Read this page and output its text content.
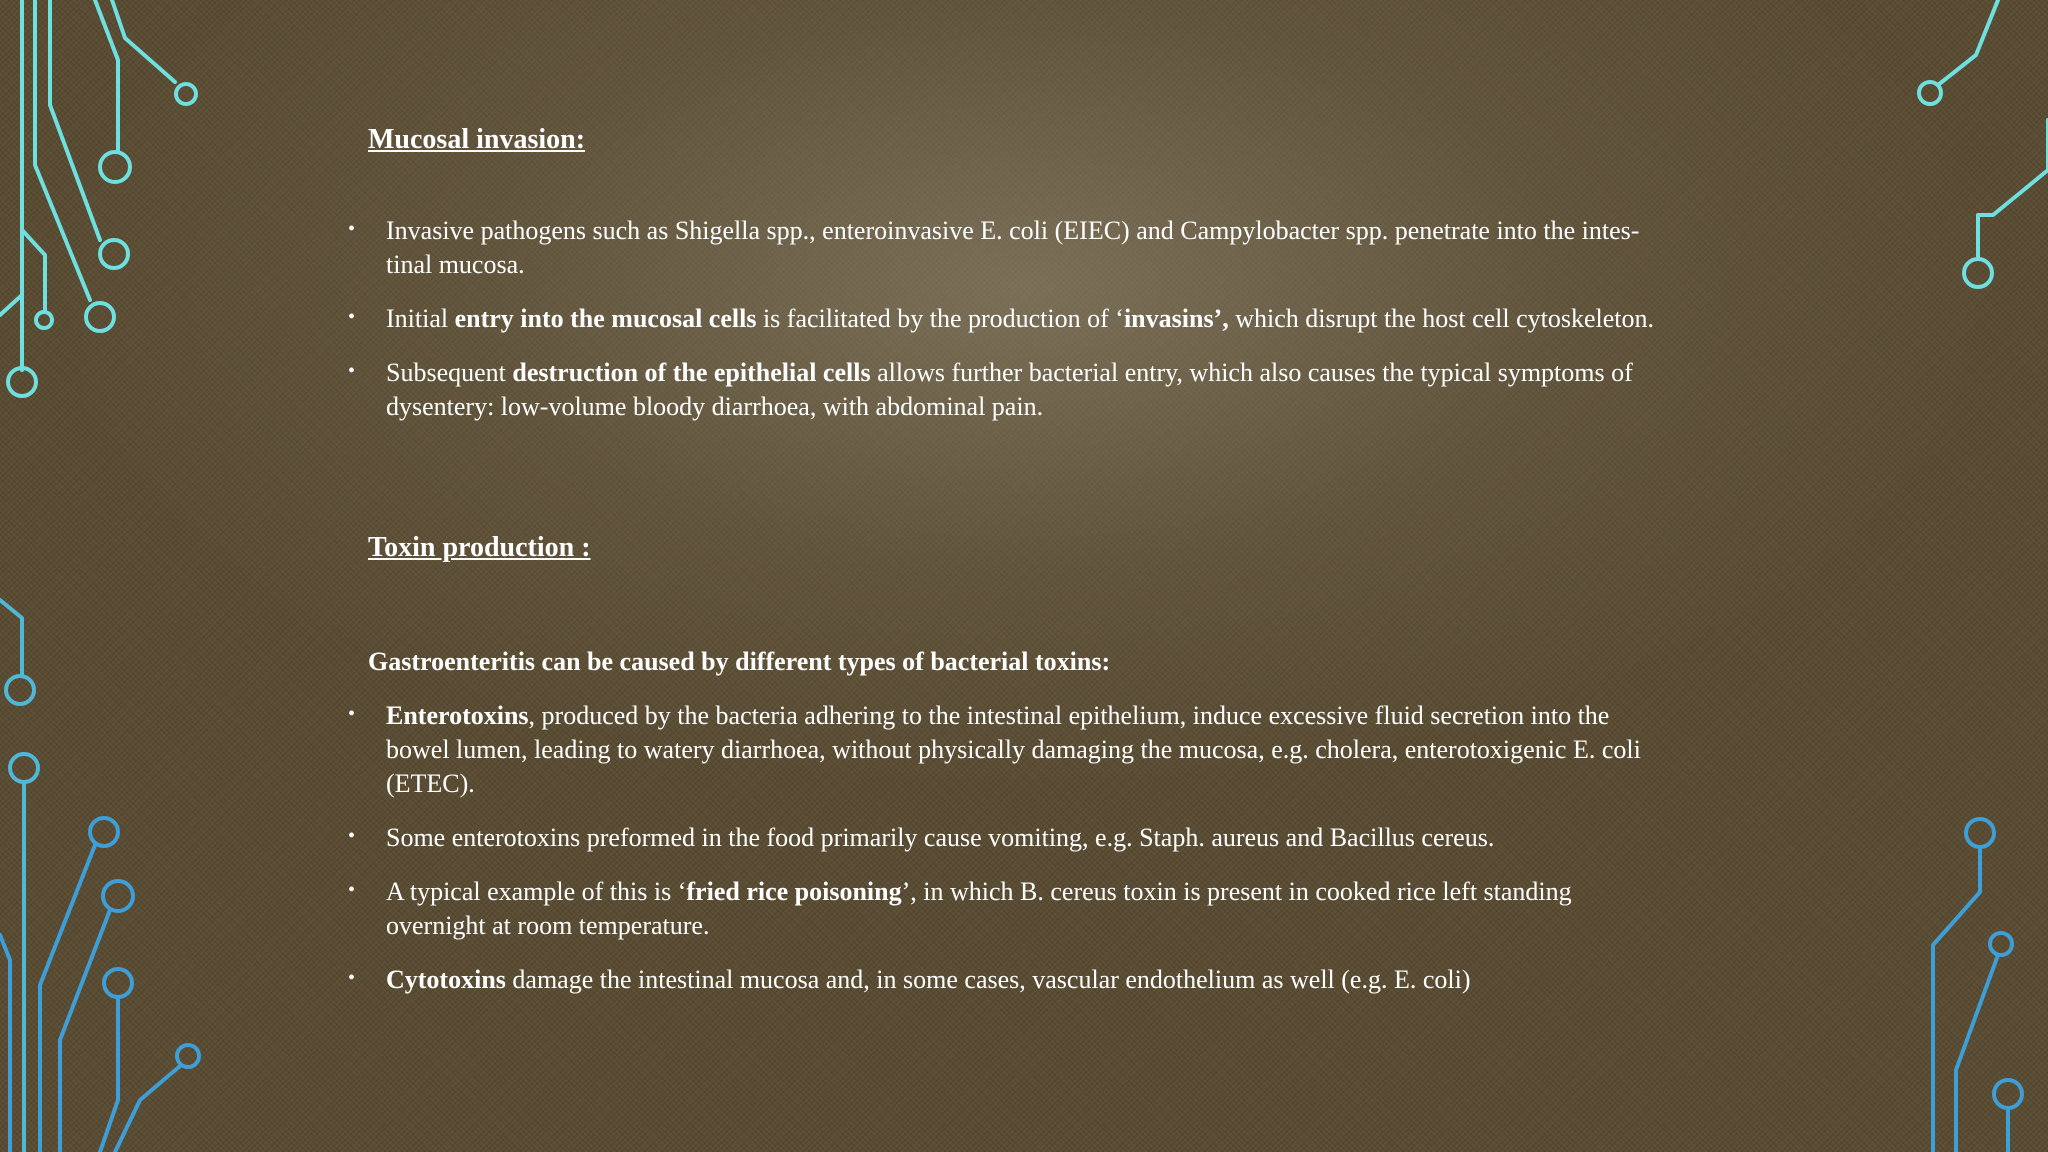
Mucosal invasion:
• Invasive pathogens such as Shigella spp., enteroinvasive E. coli (EIEC) and Campylobacter spp. penetrate into the intes- tinal mucosa.
• Initial entry into the mucosal cells is facilitated by the production of ‘invasins’, which disrupt the host cell cytoskeleton.
• Subsequent destruction of the epithelial cells allows further bacterial entry, which also causes the typical symptoms of dysentery: low-volume bloody diarrhoea, with abdominal pain.
Toxin production :
Gastroenteritis can be caused by different types of bacterial toxins:
• Enterotoxins, produced by the bacteria adhering to the intestinal epithelium, induce excessive fluid secretion into the bowel lumen, leading to watery diarrhoea, without physically damaging the mucosa, e.g. cholera, enterotoxigenic E. coli (ETEC).
• Some enterotoxins preformed in the food primarily cause vomiting, e.g. Staph. aureus and Bacillus cereus.
• A typical example of this is ‘fried rice poisoning’, in which B. cereus toxin is present in cooked rice left standing overnight at room temperature.
• Cytotoxins damage the intestinal mucosa and, in some cases, vascular endothelium as well (e.g. E. coli)
